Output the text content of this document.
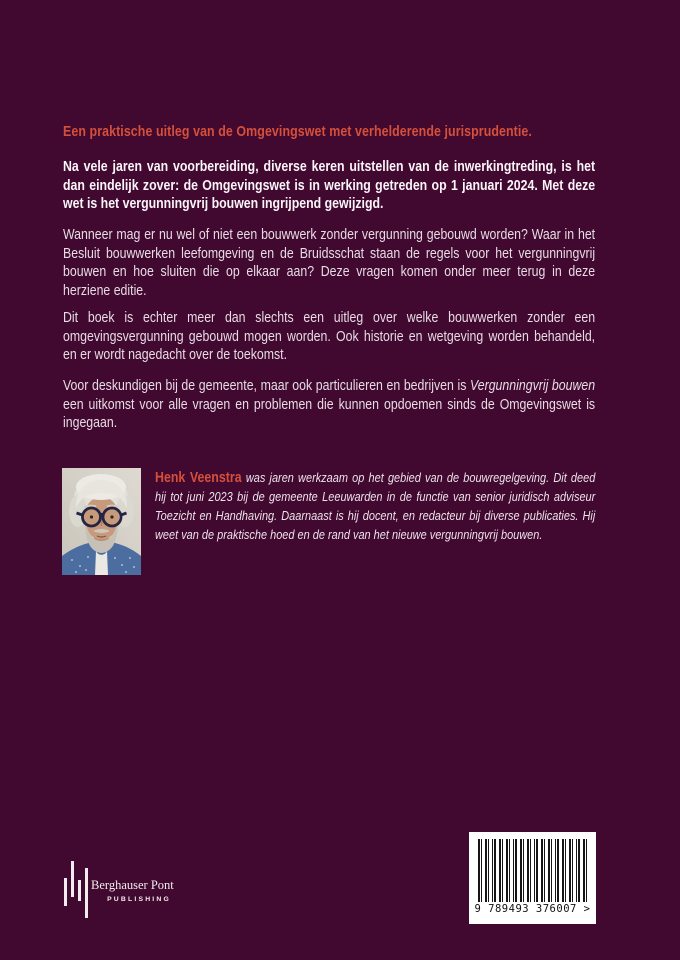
Een praktische uitleg van de Omgevingswet met verhelderende jurisprudentie.

Na vele jaren van voorbereiding, diverse keren uitstellen van de inwerkingtreding, is het dan eindelijk zover: de Omgevingswet is in werking getreden op 1 januari 2024. Met deze wet is het vergunningvrij bouwen ingrijpend gewijzigd.

Wanneer mag er nu wel of niet een bouwwerk zonder vergunning gebouwd worden? Waar in het Besluit bouwwerken leefomgeving en de Bruidsschat staan de regels voor het vergunningvrij bouwen en hoe sluiten die op elkaar aan? Deze vragen komen onder meer terug in deze herziene editie.

Dit boek is echter meer dan slechts een uitleg over welke bouwwerken zonder een omgevingsvergunning gebouwd mogen worden. Ook historie en wetgeving worden behandeld, en er wordt nagedacht over de toekomst.

Voor deskundigen bij de gemeente, maar ook particulieren en bedrijven is Vergunningvrij bouwen een uitkomst voor alle vragen en problemen die kunnen opdoemen sinds de Omgevingswet is ingegaan.

Henk Veenstra was jaren werkzaam op het gebied van de bouwregelgeving. Dit deed hij tot juni 2023 bij de gemeente Leeuwarden in de functie van senior juridisch adviseur Toezicht en Handhaving. Daarnaast is hij docent, en redacteur bij diverse publicaties. Hij weet van de praktische hoed en de rand van het nieuwe vergunningvrij bouwen.

Berghauser Pont
PUBLISHING
9 789493 376007 >
